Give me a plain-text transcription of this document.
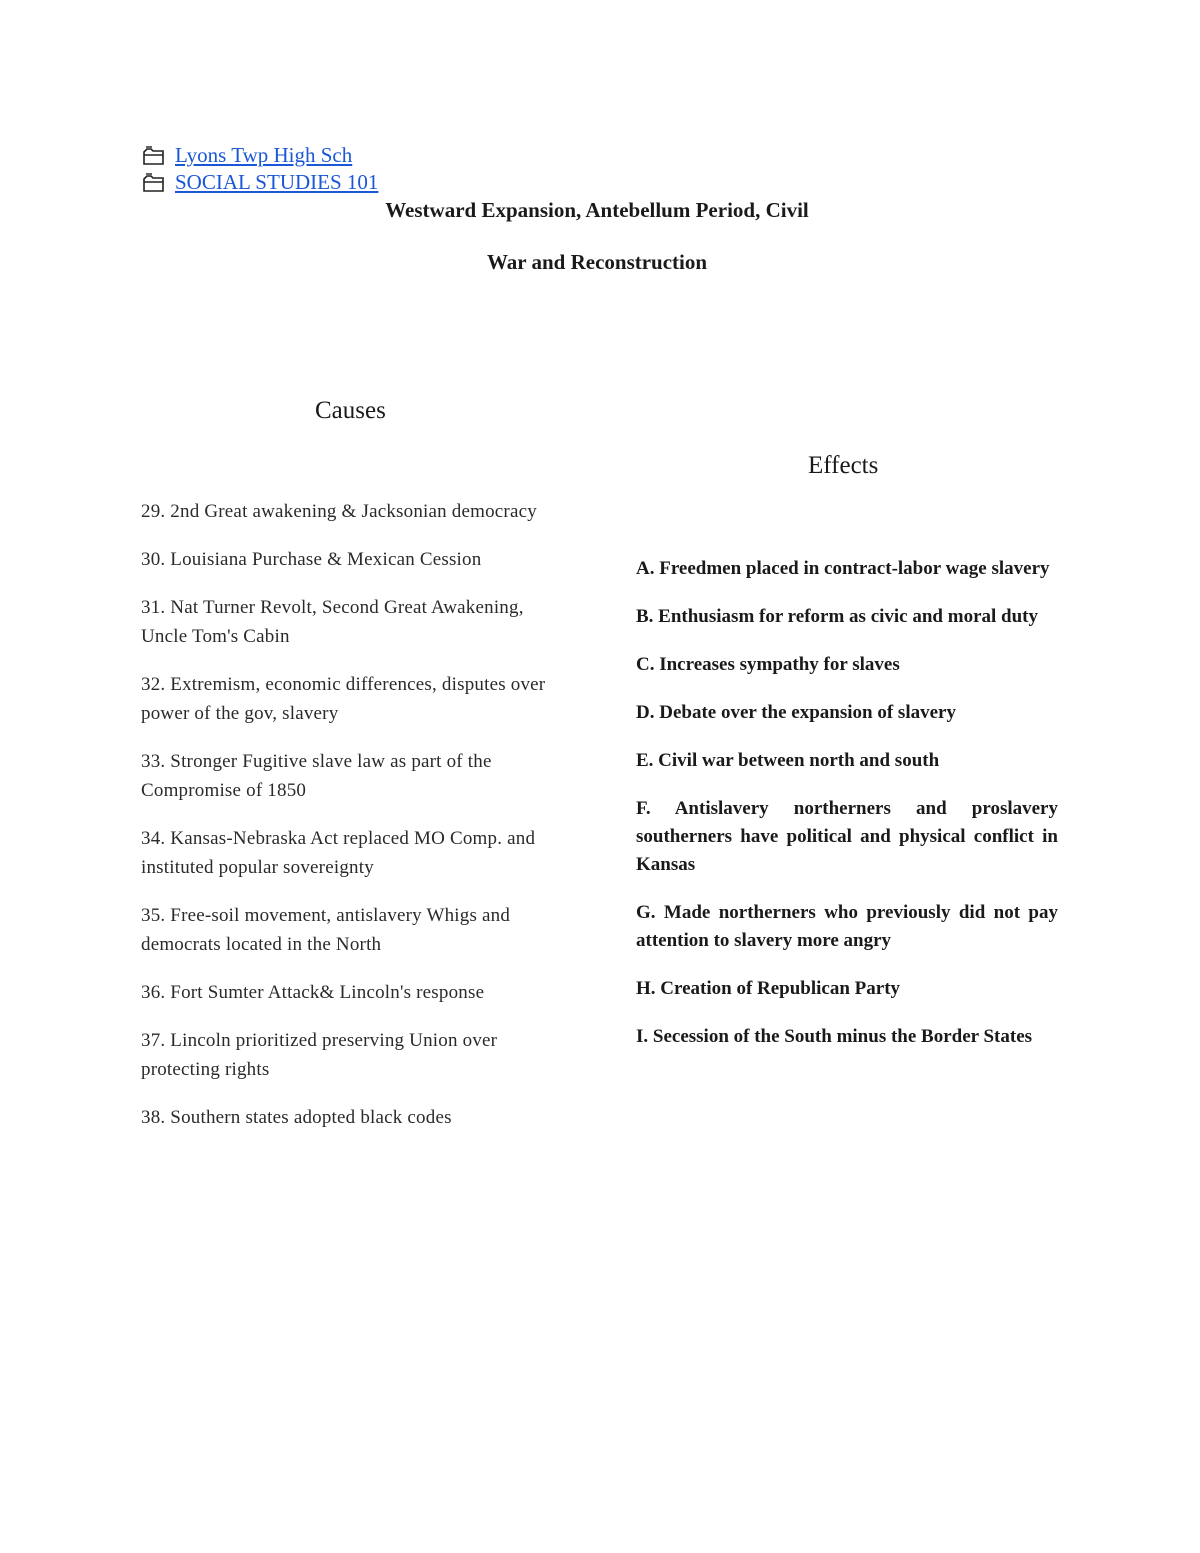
Lyons Twp High Sch
SOCIAL STUDIES 101
Westward Expansion, Antebellum Period, Civil
War and Reconstruction
Causes
Effects

29. 2nd Great awakening & Jacksonian democracy

30. Louisiana Purchase & Mexican Cession

31. Nat Turner Revolt, Second Great Awakening, Uncle Tom's Cabin

32. Extremism, economic differences, disputes over power of the gov, slavery

33. Stronger Fugitive slave law as part of the Compromise of 1850

34. Kansas-Nebraska Act replaced MO Comp. and instituted popular sovereignty

35. Free-soil movement, antislavery Whigs and democrats located in the North

36. Fort Sumter Attack& Lincoln's response

37. Lincoln prioritized preserving Union over protecting rights

38. Southern states adopted black codes

A. Freedmen placed in contract-labor wage slavery

B. Enthusiasm for reform as civic and moral duty

C. Increases sympathy for slaves

D. Debate over the expansion of slavery

E. Civil war between north and south

F. Antislavery northerners and proslavery southerners have political and physical conflict in Kansas

G. Made northerners who previously did not pay attention to slavery more angry

H. Creation of Republican Party

I. Secession of the South minus the Border States
